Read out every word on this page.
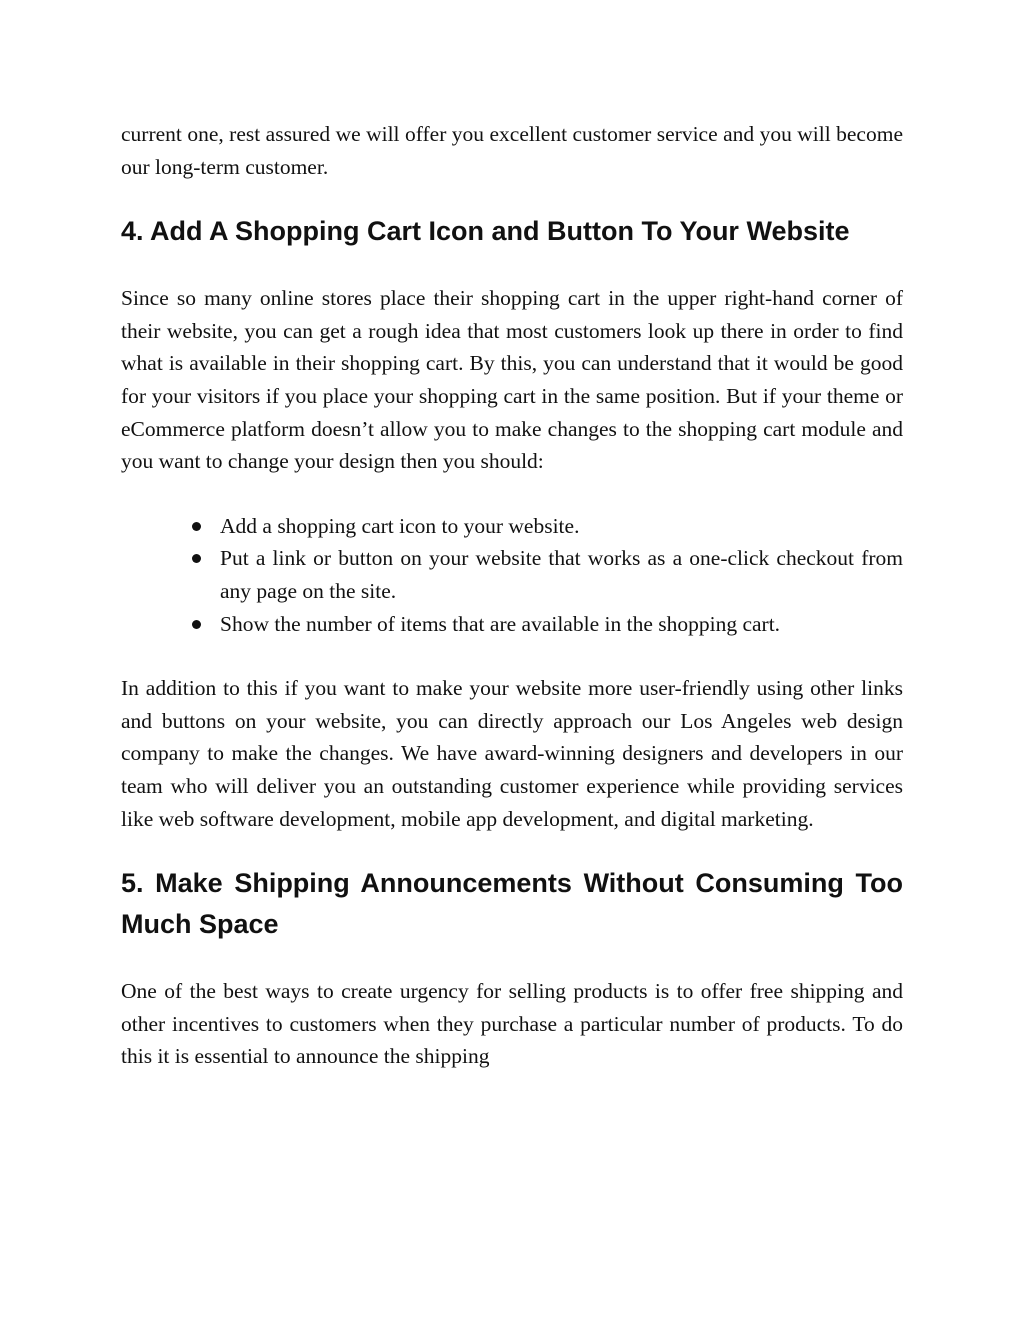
current one, rest assured we will offer you excellent customer service and you will become our long-term customer.

4. Add A Shopping Cart Icon and Button To Your Website

Since so many online stores place their shopping cart in the upper right-hand corner of their website, you can get a rough idea that most customers look up there in order to find what is available in their shopping cart. By this, you can understand that it would be good for your visitors if you place your shopping cart in the same position. But if your theme or eCommerce platform doesn’t allow you to make changes to the shopping cart module and you want to change your design then you should:

Add a shopping cart icon to your website.
Put a link or button on your website that works as a one-click checkout from any page on the site.
Show the number of items that are available in the shopping cart.

In addition to this if you want to make your website more user-friendly using other links and buttons on your website, you can directly approach our Los Angeles web design company to make the changes. We have award-winning designers and developers in our team who will deliver you an outstanding customer experience while providing services like web software development, mobile app development, and digital marketing.

5. Make Shipping Announcements Without Consuming Too Much Space

One of the best ways to create urgency for selling products is to offer free shipping and other incentives to customers when they purchase a particular number of products. To do this it is essential to announce the shipping
